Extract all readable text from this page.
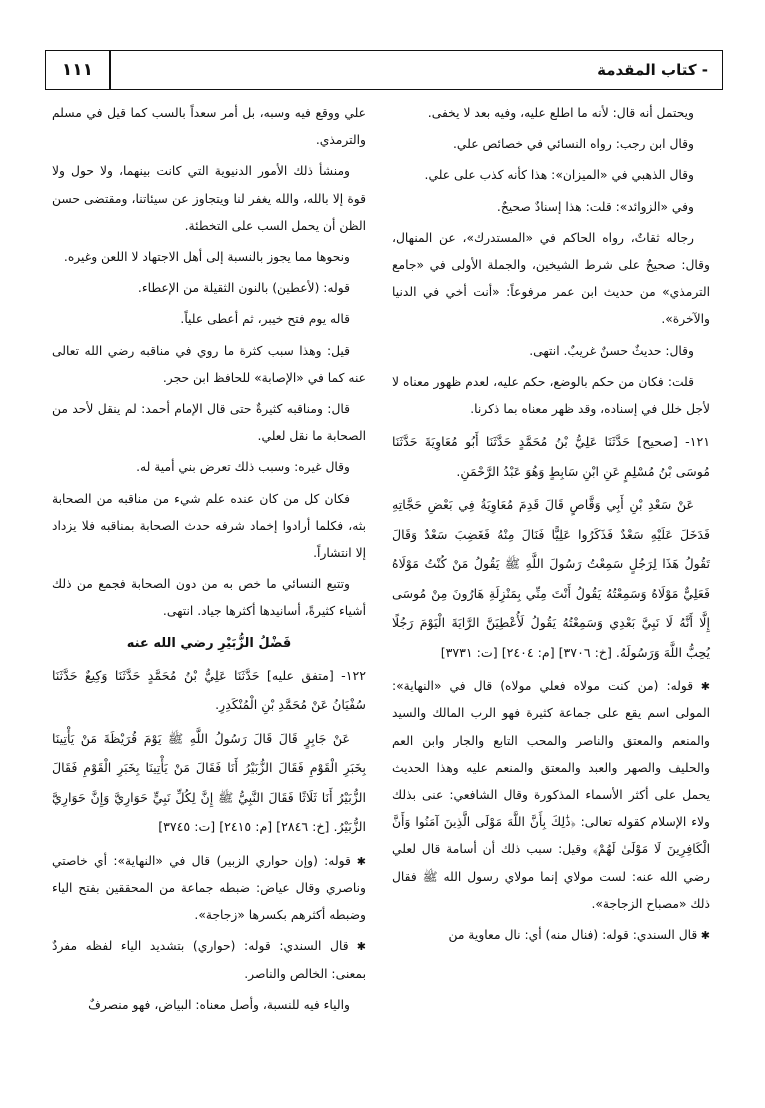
١١١	- كتاب المقدمة

ويحتمل أنه قال: لأنه ما اطلع عليه، وفيه بعد لا يخفى.

وقال ابن رجب: رواه النسائي في خصائص علي.

وقال الذهبي في «الميزان»: هذا كأنه كذب على علي.

وفي «الزوائد»: قلت: هذا إسنادٌ صحيحٌ.

رجاله ثقاتٌ، رواه الحاكم في «المستدرك»، عن المنهال، وقال: صحيحٌ على شرط الشيخين، والجملة الأولى في «جامع الترمذي» من حديث ابن عمر مرفوعاً: «أنت أخي في الدنيا والآخرة».

وقال: حديثٌ حسنٌ غريبٌ. انتهى.

قلت: فكان من حكم بالوضع، حكم عليه، لعدم ظهور معناه لا لأجل خلل في إسناده، وقد ظهر معناه بما ذكرنا.

١٢١- [صحيح] حَدَّثَنَا عَلِيُّ بْنُ مُحَمَّدٍ حَدَّثَنَا أَبُو مُعَاوِيَةَ حَدَّثَنَا مُوسَى بْنُ مُسْلِمٍ عَنِ ابْنِ سَابِطٍ وَهُوَ عَبْدُ الرَّحْمَنِ.

عَنْ سَعْدِ بْنِ أَبِي وَقَّاصٍ قَالَ قَدِمَ مُعَاوِيَةُ فِي بَعْضِ حَجَّاتِهِ فَدَخَلَ عَلَيْهِ سَعْدٌ فَذَكَرُوا عَلِيًّا فَنَالَ مِنْهُ فَغَضِبَ سَعْدٌ وَقَالَ تَقُولُ هَذَا لِرَجُلٍ سَمِعْتُ رَسُولَ اللَّهِ ﷺ يَقُولُ مَنْ كُنْتُ مَوْلَاهُ فَعَلِيٌّ مَوْلَاهُ وَسَمِعْتُهُ يَقُولُ أَنْتَ مِنِّي بِمَنْزِلَةِ هَارُونَ مِنْ مُوسَى إِلَّا أَنَّهُ لَا نَبِيَّ بَعْدِي وَسَمِعْتُهُ يَقُولُ لَأُعْطِيَنَّ الرَّايَةَ الْيَوْمَ رَجُلًا يُحِبُّ اللَّهَ وَرَسُولَهُ. [خ: ٣٧٠٦] [م: ٢٤٠٤] [ت: ٣٧٣١]

✱ قوله: (من كنت مولاه فعلي مولاه) قال في «النهاية»: المولى اسم يقع على جماعة كثيرة فهو الرب المالك والسيد والمنعم والمعتق والناصر والمحب التابع والجار وابن العم والحليف والصهر والعبد والمعتق والمنعم عليه وهذا الحديث يحمل على أكثر الأسماء المذكورة وقال الشافعي: عنى بذلك ولاء الإسلام كقوله تعالى: ﴿ذَٰلِكَ بِأَنَّ اللَّهَ مَوْلَى الَّذِينَ آمَنُوا وَأَنَّ الْكَافِرِينَ لَا مَوْلَىٰ لَهُمْ﴾ وقيل: سبب ذلك أن أسامة قال لعلي رضي الله عنه: لست مولاي إنما مولاي رسول الله ﷺ فقال ذلك «مصباح الزجاجة».

✱ قال السندي: قوله: (فنال منه) أي: نال معاوية من

علي ووقع فيه وسبه، بل أمر سعداً بالسب كما قيل في مسلم والترمذي.

ومنشأ ذلك الأمور الدنيوية التي كانت بينهما، ولا حول ولا قوة إلا بالله، والله يغفر لنا ويتجاوز عن سيئاتنا، ومقتضى حسن الظن أن يحمل السب على التخطئة.

ونحوها مما يجوز بالنسبة إلى أهل الاجتهاد لا اللعن وغيره.

قوله: (لأعطين) بالنون الثقيلة من الإعطاء.

قاله يوم فتح خيبر، ثم أعطى علياً.

قيل: وهذا سبب كثرة ما روي في مناقبه رضي الله تعالى عنه كما في «الإصابة» للحافظ ابن حجر.

قال: ومناقبه كثيرةٌ حتى قال الإمام أحمد: لم ينقل لأحد من الصحابة ما نقل لعلي.

وقال غيره: وسبب ذلك تعرض بني أمية له.

فكان كل من كان عنده علم شيء من مناقبه من الصحابة بثه، فكلما أرادوا إخماد شرفه حدث الصحابة بمناقبه فلا يزداد إلا انتشاراً.

وتتبع النسائي ما خص به من دون الصحابة فجمع من ذلك أشياء كثيرةً، أسانيدها أكثرها جياد. انتهى.

فَضْلُ الزُّبَيْرِ رضي الله عنه

١٢٢- [متفق عليه] حَدَّثَنَا عَلِيُّ بْنُ مُحَمَّدٍ حَدَّثَنَا وَكِيعٌ حَدَّثَنَا سُفْيَانُ عَنْ مُحَمَّدِ بْنِ الْمُنْكَدِرِ.

عَنْ جَابِرٍ قَالَ قَالَ رَسُولُ اللَّهِ ﷺ يَوْمَ قُرَيْظَةَ مَنْ يَأْتِينَا بِخَبَرِ الْقَوْمِ فَقَالَ الزُّبَيْرُ أَنَا فَقَالَ مَنْ يَأْتِينَا بِخَبَرِ الْقَوْمِ فَقَالَ الزُّبَيْرُ أَنَا ثَلَاثًا فَقَالَ النَّبِيُّ ﷺ إِنَّ لِكُلِّ نَبِيٍّ حَوَارِيَّ وَإِنَّ حَوَارِيَّ الزُّبَيْرُ. [خ: ٢٨٤٦] [م: ٢٤١٥] [ت: ٣٧٤٥]

✱ قوله: (وإن حواري الزبير) قال في «النهاية»: أي خاصتي وناصري وقال عياض: ضبطه جماعة من المحققين بفتح الياء وضبطه أكثرهم بكسرها «زجاجة».

✱ قال السندي: قوله: (حواري) بتشديد الياء لفظه مفردٌ بمعنى: الخالص والناصر.

والياء فيه للنسبة، وأصل معناه: البياض، فهو منصرفٌ
